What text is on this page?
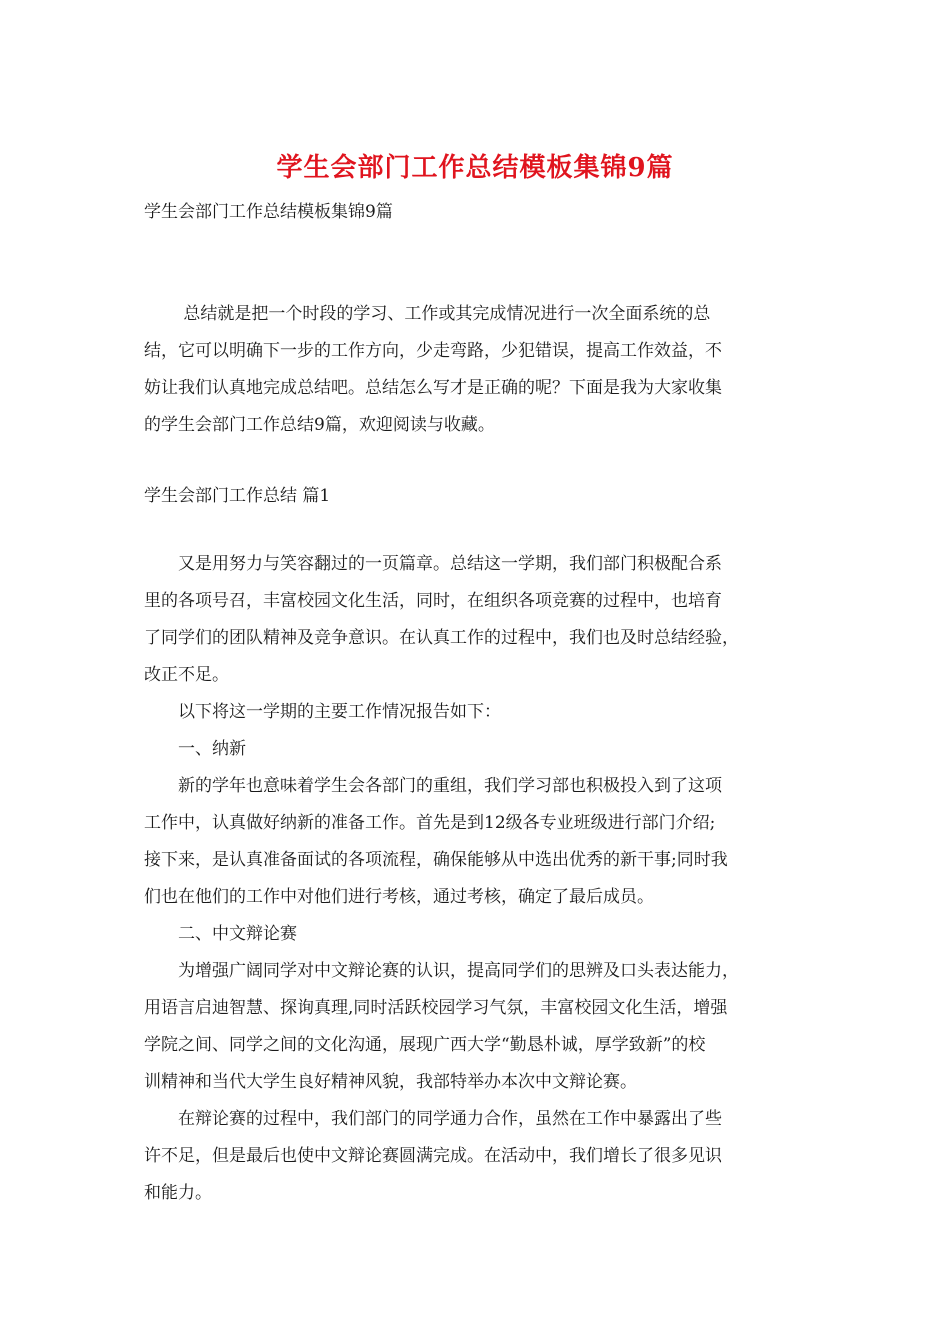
学生会部门工作总结模板集锦9篇
学生会部门工作总结模板集锦9篇
　　 总结就是把一个时段的学习、工作或其完成情况进行一次全面系统的总
结，它可以明确下一步的工作方向，少走弯路，少犯错误，提高工作效益，不
妨让我们认真地完成总结吧。总结怎么写才是正确的呢？下面是我为大家收集
的学生会部门工作总结9篇，欢迎阅读与收藏。
学生会部门工作总结 篇1
　　又是用努力与笑容翻过的一页篇章。总结这一学期，我们部门积极配合系
里的各项号召，丰富校园文化生活，同时，在组织各项竞赛的过程中，也培育
了同学们的团队精神及竞争意识。在认真工作的过程中，我们也及时总结经验，
改正不足。
　　以下将这一学期的主要工作情况报告如下：
　　一、纳新
　　新的学年也意味着学生会各部门的重组，我们学习部也积极投入到了这项
工作中，认真做好纳新的准备工作。首先是到12级各专业班级进行部门介绍;
接下来，是认真准备面试的各项流程，确保能够从中选出优秀的新干事;同时我
们也在他们的工作中对他们进行考核，通过考核，确定了最后成员。
　　二、中文辩论赛
　　为增强广阔同学对中文辩论赛的认识，提高同学们的思辨及口头表达能力，
用语言启迪智慧、探询真理,同时活跃校园学习气氛，丰富校园文化生活，增强
学院之间、同学之间的文化沟通，展现广西大学“勤恳朴诚，厚学致新”的校
训精神和当代大学生良好精神风貌，我部特举办本次中文辩论赛。
　　在辩论赛的过程中，我们部门的同学通力合作，虽然在工作中暴露出了些
许不足，但是最后也使中文辩论赛圆满完成。在活动中，我们增长了很多见识
和能力。
